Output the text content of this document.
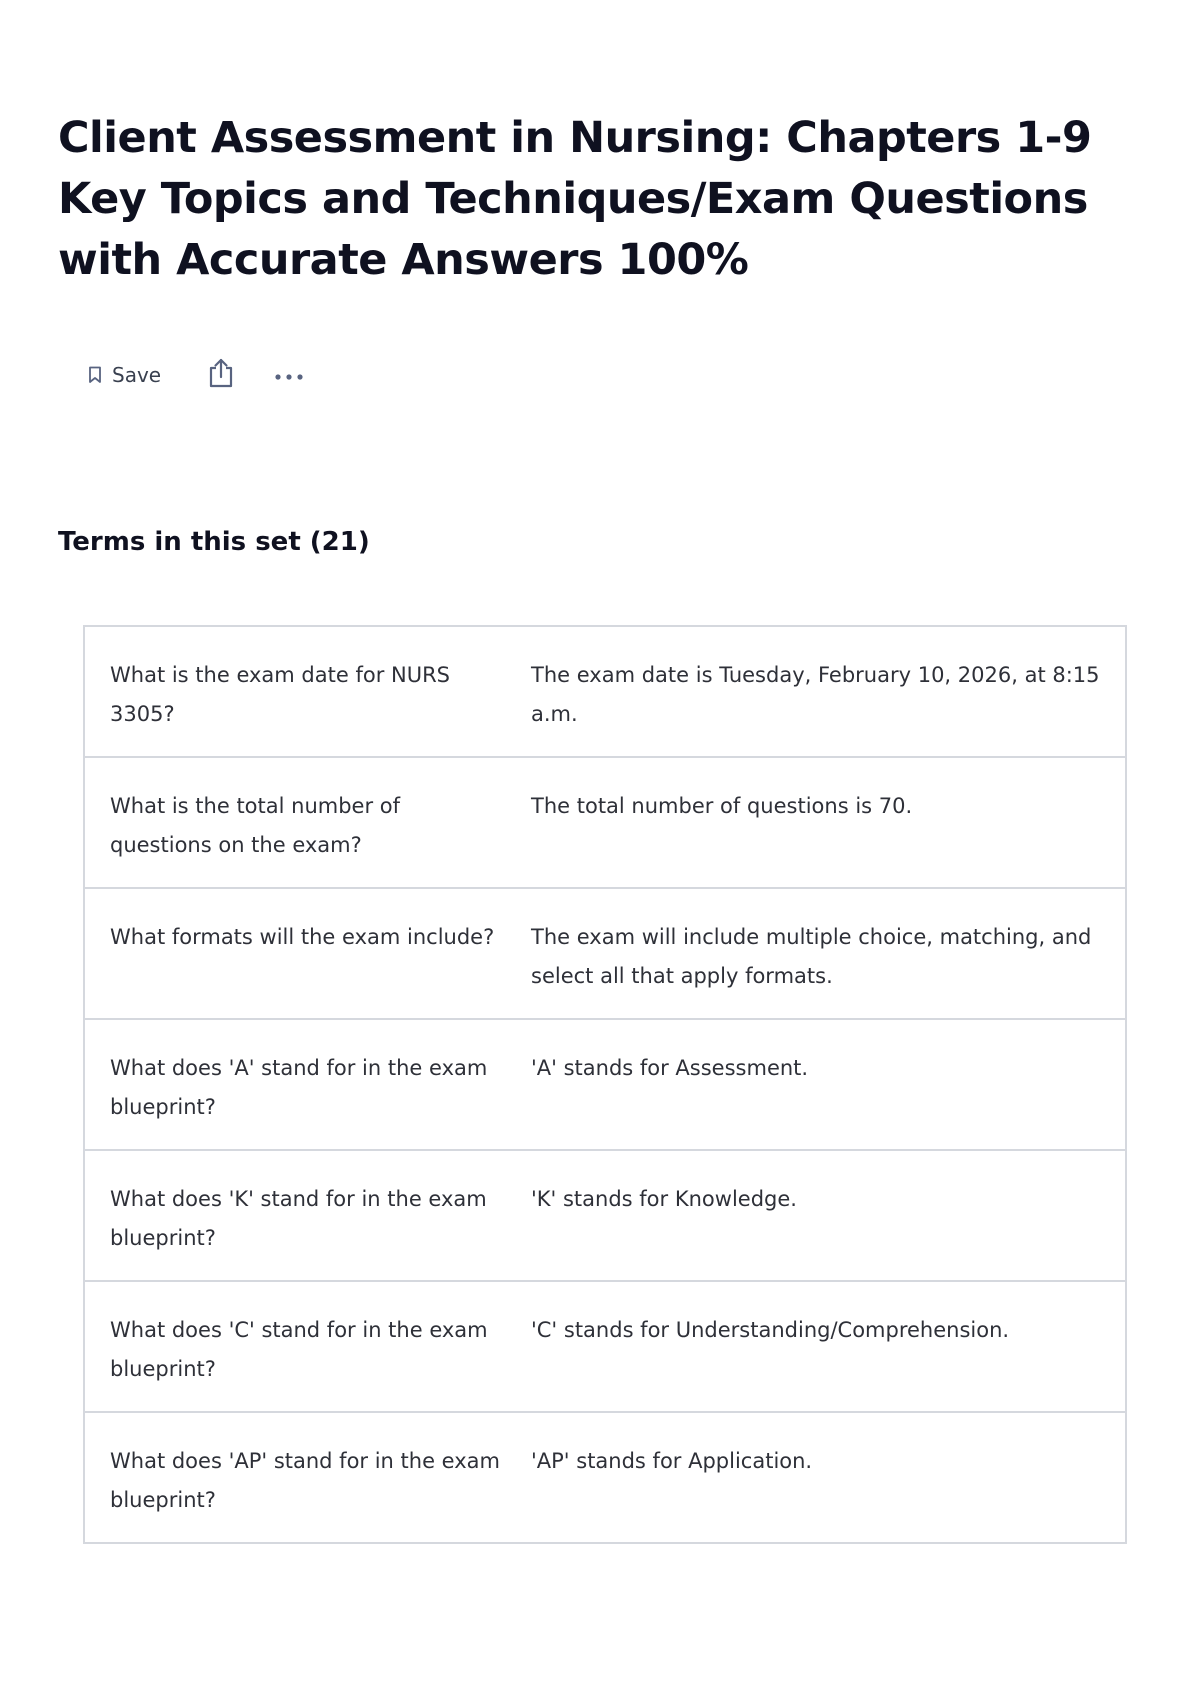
Client Assessment in Nursing: Chapters 1-9 Key Topics and Techniques/Exam Questions with Accurate Answers 100%
Save
Terms in this set (21)
What is the exam date for NURS 3305?
The exam date is Tuesday, February 10, 2026, at 8:15 a.m.
What is the total number of questions on the exam?
The total number of questions is 70.
What formats will the exam include?	The exam will include multiple choice, matching, and select all that apply formats.
What does 'A' stand for in the exam blueprint?
'A' stands for Assessment.
What does 'K' stand for in the exam blueprint?
'K' stands for Knowledge.
What does 'C' stand for in the exam blueprint?
'C' stands for Understanding/Comprehension.
What does 'AP' stand for in the exam blueprint?
'AP' stands for Application.
